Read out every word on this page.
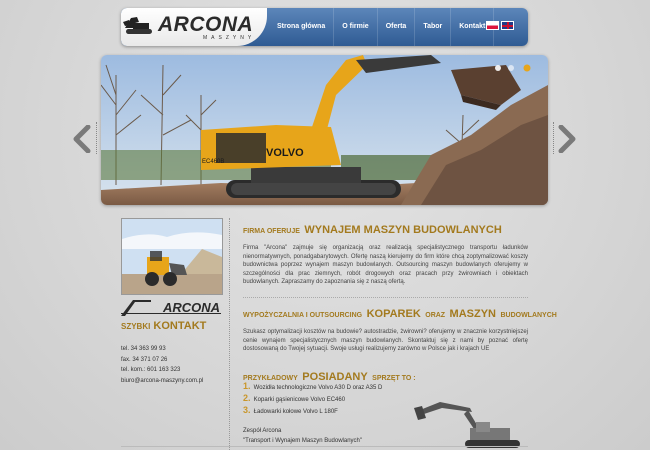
ARCONA
MASZYNY
Strona główna	O firmie	Oferta	Tabor	Kontakt
VOLVO
EC460B
ARCONA
SZYBKI KONTAKT
tel. 34 363 99 93
fax. 34 371 07 26
tel. kom.: 601 163 323
biuro@arcona-maszyny.com.pl
FIRMA OFERUJE WYNAJEM MASZYN BUDOWLANYCH
Firma "Arcona" zajmuje się organizacją oraz realizacją specjalistycznego transportu ładunków nienormatywnych, ponadgabarytowych. Ofertę naszą kierujemy do firm które chcą zoptymalizować koszty budownictwa poprzez wynajem maszyn budowlanych. Outsourcing maszyn budowlanych oferujemy w szczególności dla prac ziemnych, robót drogowych oraz pracach przy żwirowniach i obiektach budowlanych. Zapraszamy do zapoznania się z naszą ofertą.
WYPOŻYCZALNIA I OUTSOURCING KOPAREK ORAZ MASZYN BUDOWLANYCH
Szukasz optymalizacji kosztów na budowie? autostradzie, żwirowni? oferujemy w znacznie korzystniejszej cenie wynajem specjalistycznych maszyn budowlanych. Skontaktuj się z nami by poznać ofertę dostosowaną do Twojej sytuacji. Swoje usługi realizujemy zarówno w Polsce jak i krajach UE
PRZYKŁADOWY POSIADANY SPRZĘT TO :
1. Wozidła technologiczne Volvo A30 D oraz A35 D
2. Koparki gąsienicowe Volvo EC460
3. Ładowarki kołowe Volvo L 180F
Zespół Arcona
"Transport i Wynajem Maszyn Budowlanych"
